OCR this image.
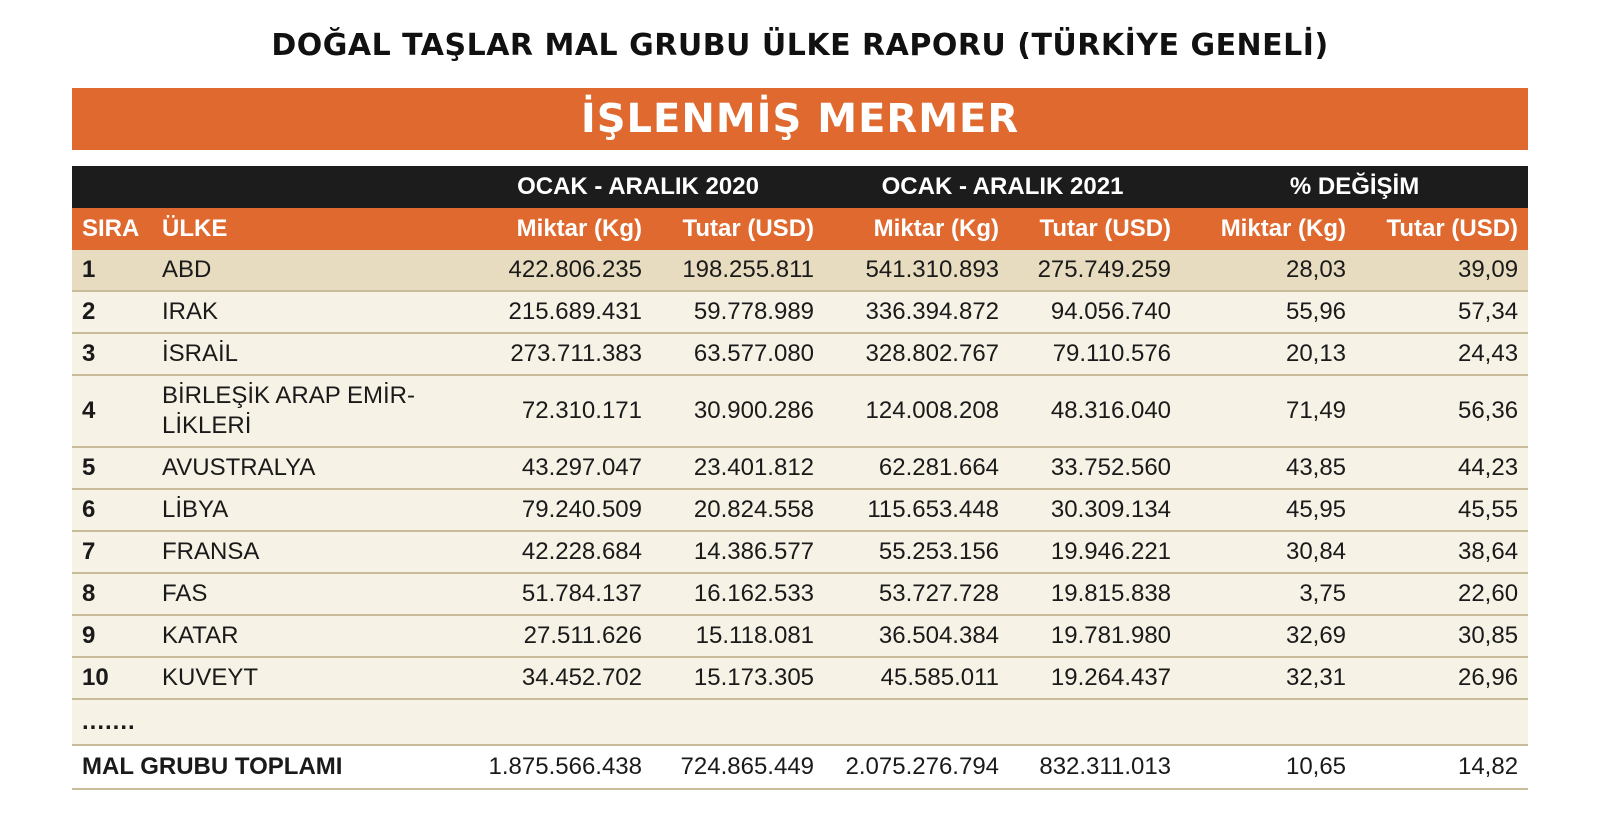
DOĞAL TAŞLAR MAL GRUBU ÜLKE RAPORU (TÜRKİYE GENELİ)
İŞLENMİŞ MERMER
		OCAK - ARALIK 2020		OCAK - ARALIK 2021		% DEĞİŞİM	
SIRA	ÜLKE	Miktar (Kg)	Tutar (USD)	Miktar (Kg)	Tutar (USD)	Miktar (Kg)	Tutar (USD)
1	ABD	422.806.235	198.255.811	541.310.893	275.749.259	28,03	39,09
2	IRAK	215.689.431	59.778.989	336.394.872	94.056.740	55,96	57,34
3	İSRAİL	273.711.383	63.577.080	328.802.767	79.110.576	20,13	24,43
4	BİRLEŞİK ARAP EMİR-LİKLERİ	72.310.171	30.900.286	124.008.208	48.316.040	71,49	56,36
5	AVUSTRALYA	43.297.047	23.401.812	62.281.664	33.752.560	43,85	44,23
6	LİBYA	79.240.509	20.824.558	115.653.448	30.309.134	45,95	45,55
7	FRANSA	42.228.684	14.386.577	55.253.156	19.946.221	30,84	38,64
8	FAS	51.784.137	16.162.533	53.727.728	19.815.838	3,75	22,60
9	KATAR	27.511.626	15.118.081	36.504.384	19.781.980	32,69	30,85
10	KUVEYT	34.452.702	15.173.305	45.585.011	19.264.437	32,31	26,96
.......							
MAL GRUBU TOPLAMI		1.875.566.438	724.865.449	2.075.276.794	832.311.013	10,65	14,82
